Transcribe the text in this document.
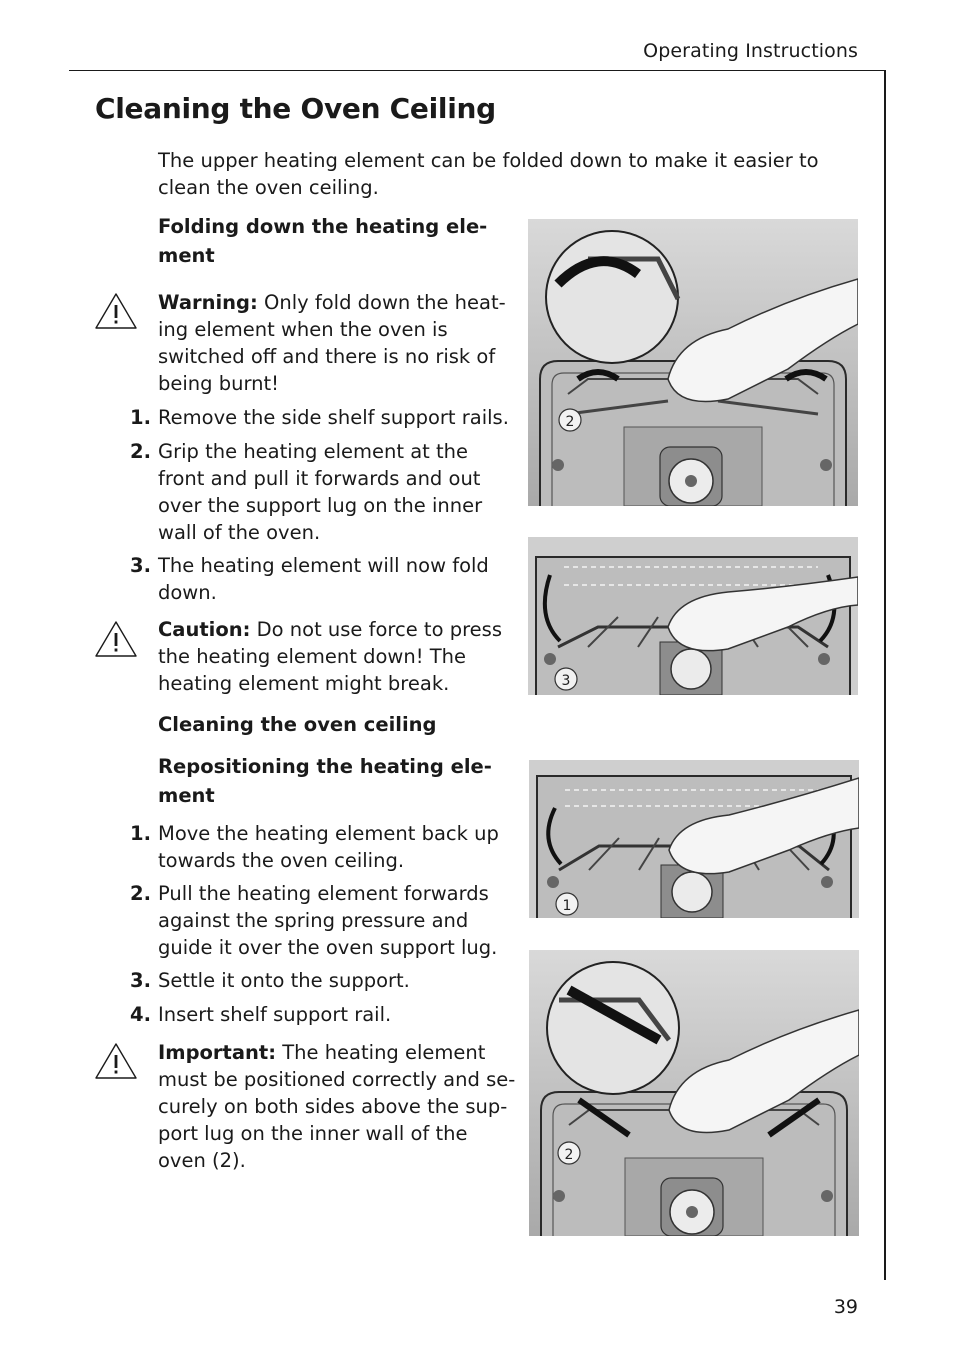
Operating Instructions
Cleaning the Oven Ceiling
The upper heating element can be folded down to make it easier to clean the oven ceiling.
Folding down the heating ele-
ment
Warning: Only fold down the heat-ing element when the oven is switched off and there is no risk of being burnt!
1. Remove the side shelf support rails.
2. Grip the heating element at the front and pull it forwards and out over the support lug on the inner wall of the oven.
3. The heating element will now fold down.
Caution: Do not use force to press the heating element down! The heating element might break.
Cleaning the oven ceiling
Repositioning the heating ele-
ment
1. Move the heating element back up towards the oven ceiling.
2. Pull the heating element forwards against the spring pressure and guide it over the oven support lug.
3. Settle it onto the support.
4. Insert shelf support rail.
Important: The heating element must be positioned correctly and se-curely on both sides above the sup-port lug on the inner wall of the oven (2).
2
3
1
2
39
